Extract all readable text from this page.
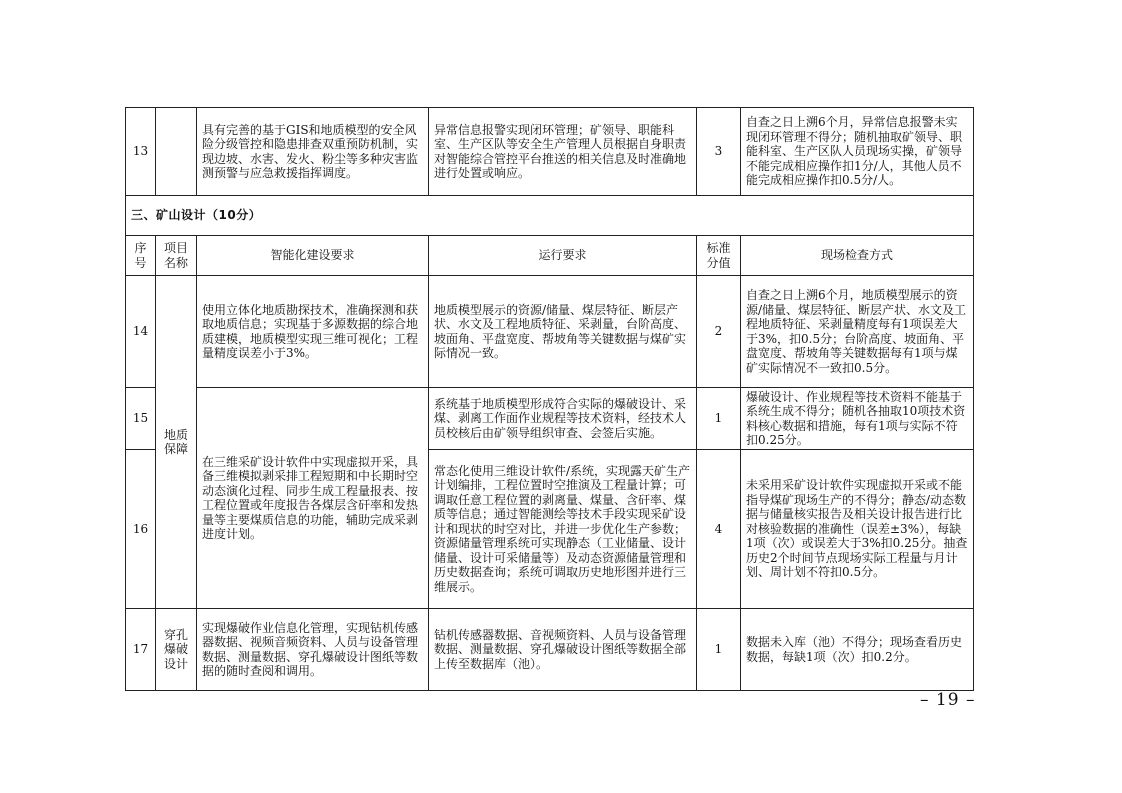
13		具有完善的基于GIS和地质模型的安全风险分级管控和隐患排查双重预防机制，实现边坡、水害、发火、粉尘等多种灾害监测预警与应急救援指挥调度。	异常信息报警实现闭环管理；矿领导、职能科室、生产区队等安全生产管理人员根据自身职责对智能综合管控平台推送的相关信息及时准确地进行处置或响应。	3	自查之日上溯6个月，异常信息报警未实现闭环管理不得分；随机抽取矿领导、职能科室、生产区队人员现场实操，矿领导不能完成相应操作扣1分/人，其他人员不能完成相应操作扣0.5分/人。
三、矿山设计（10分）					
序号	项目名称	智能化建设要求	运行要求	标准分值	现场检查方式
14	地质保障	使用立体化地质勘探技术，准确探测和获取地质信息；实现基于多源数据的综合地质建模，地质模型实现三维可视化；工程量精度误差小于3%。	地质模型展示的资源/储量、煤层特征、断层产状、水文及工程地质特征、采剥量，台阶高度、坡面角、平盘宽度、帮坡角等关键数据与煤矿实际情况一致。	2	自查之日上溯6个月，地质模型展示的资源/储量、煤层特征、断层产状、水文及工程地质特征、采剥量精度每有1项误差大于3%，扣0.5分；台阶高度、坡面角、平盘宽度、帮坡角等关键数据每有1项与煤矿实际情况不一致扣0.5分。
15		在三维采矿设计软件中实现虚拟开采，具备三维模拟剥采排工程短期和中长期时空动态演化过程、同步生成工程量报表、按工程位置或年度报告各煤层含矸率和发热量等主要煤质信息的功能，辅助完成采剥进度计划。	系统基于地质模型形成符合实际的爆破设计、采煤、剥离工作面作业规程等技术资料，经技术人员校核后由矿领导组织审查、会签后实施。	1	爆破设计、作业规程等技术资料不能基于系统生成不得分；随机各抽取10项技术资料核心数据和措施，每有1项与实际不符扣0.25分。
16			常态化使用三维设计软件/系统，实现露天矿生产计划编排，工程位置时空推演及工程量计算；可调取任意工程位置的剥离量、煤量、含矸率、煤质等信息；通过智能测绘等技术手段实现采矿设计和现状的时空对比，并进一步优化生产参数；资源储量管理系统可实现静态（工业储量、设计储量、设计可采储量等）及动态资源储量管理和历史数据查询；系统可调取历史地形图并进行三维展示。	4	未采用采矿设计软件实现虚拟开采或不能指导煤矿现场生产的不得分；静态/动态数据与储量核实报告及相关设计报告进行比对核验数据的准确性（误差±3%），每缺1项（次）或误差大于3%扣0.25分。抽查历史2个时间节点现场实际工程量与月计划、周计划不符扣0.5分。
17	穿孔爆破设计	实现爆破作业信息化管理，实现钻机传感器数据、视频音频资料、人员与设备管理数据、测量数据、穿孔爆破设计图纸等数据的随时查阅和调用。	钻机传感器数据、音视频资料、人员与设备管理数据、测量数据、穿孔爆破设计图纸等数据全部上传至数据库（池）。	1	数据未入库（池）不得分；现场查看历史数据，每缺1项（次）扣0.2分。
– 19 –
